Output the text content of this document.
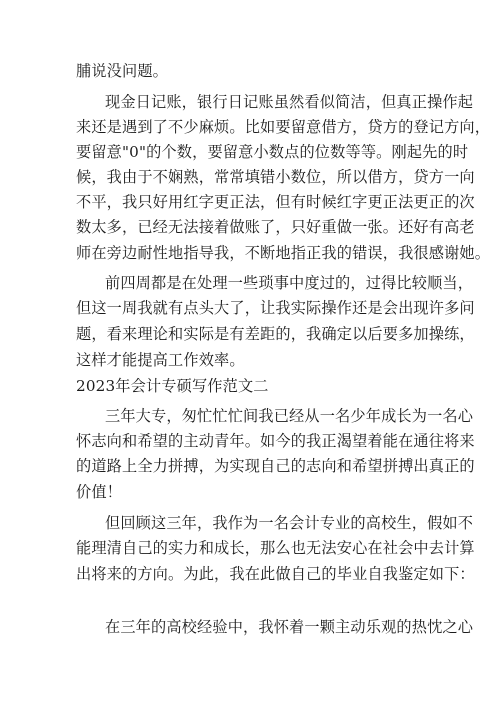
脯说没问题。
现金日记账，银行日记账虽然看似简洁，但真正操作起
来还是遇到了不少麻烦。比如要留意借方，贷方的登记方向，
要留意"0"的个数，要留意小数点的位数等等。刚起先的时
候，我由于不娴熟，常常填错小数位，所以借方，贷方一向
不平，我只好用红字更正法，但有时候红字更正法更正的次
数太多，已经无法接着做账了，只好重做一张。还好有高老
师在旁边耐性地指导我，不断地指正我的错误，我很感谢她。
前四周都是在处理一些琐事中度过的，过得比较顺当，
但这一周我就有点头大了，让我实际操作还是会出现许多问
题，看来理论和实际是有差距的，我确定以后要多加操练，
这样才能提高工作效率。
2023年会计专硕写作范文二
三年大专，匆忙忙忙间我已经从一名少年成长为一名心
怀志向和希望的主动青年。如今的我正渴望着能在通往将来
的道路上全力拼搏，为实现自己的志向和希望拼搏出真正的
价值！
但回顾这三年，我作为一名会计专业的高校生，假如不
能理清自己的实力和成长，那么也无法安心在社会中去计算
出将来的方向。为此，我在此做自己的毕业自我鉴定如下：
在三年的高校经验中，我怀着一颗主动乐观的热忱之心
